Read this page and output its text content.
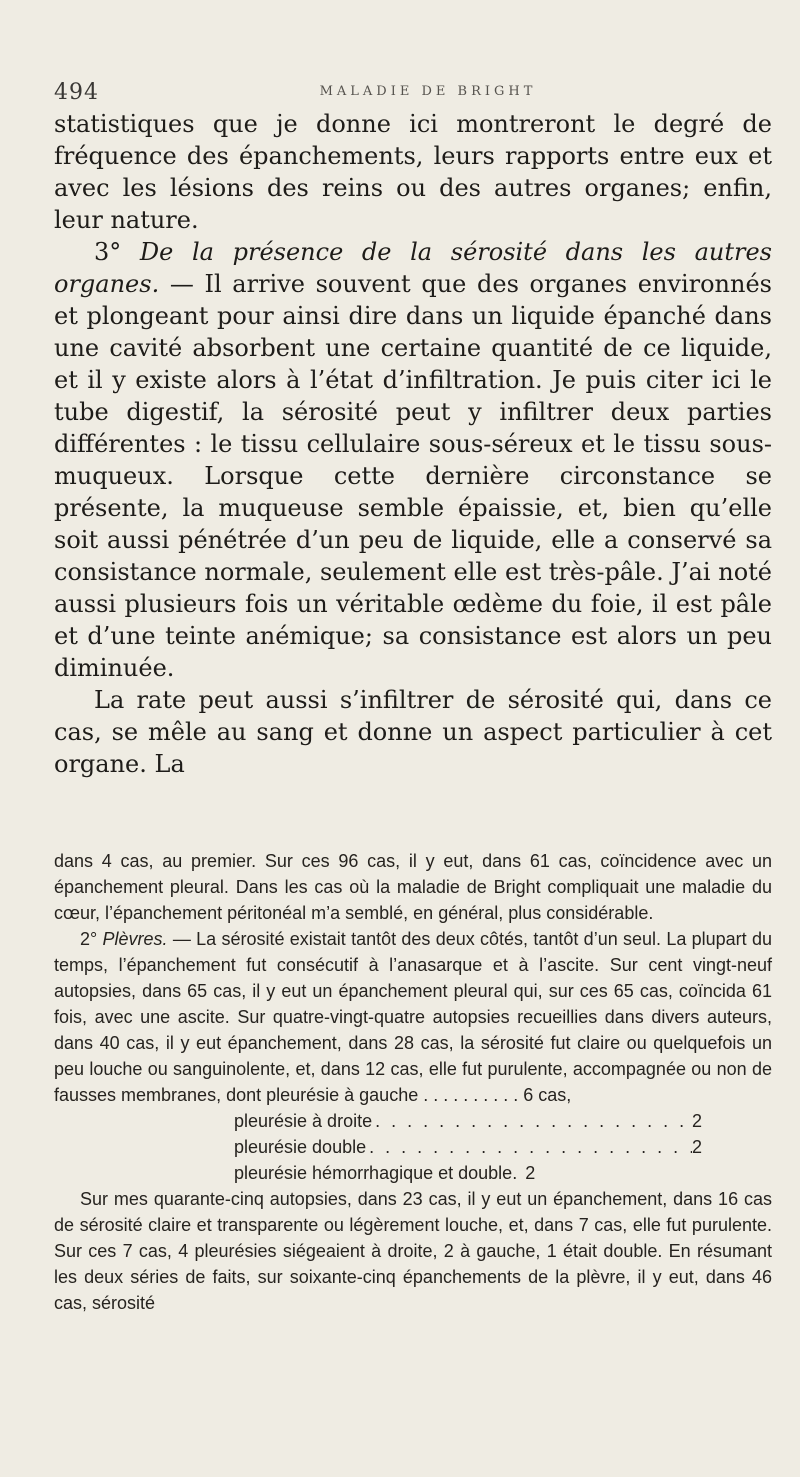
494	MALADIE DE BRIGHT

statistiques que je donne ici montreront le degré de fréquence des épanchements, leurs rapports entre eux et avec les lésions des reins ou des autres organes; enfin, leur nature.

3° De la présence de la sérosité dans les autres organes. — Il arrive souvent que des organes environnés et plongeant pour ainsi dire dans un liquide épanché dans une cavité absorbent une certaine quantité de ce liquide, et il y existe alors à l’état d’infiltration. Je puis citer ici le tube digestif, la sérosité peut y infiltrer deux parties différentes : le tissu cellulaire sous-séreux et le tissu sous-muqueux. Lorsque cette dernière circonstance se présente, la muqueuse semble épaissie, et, bien qu’elle soit aussi pénétrée d’un peu de liquide, elle a conservé sa consistance normale, seulement elle est très-pâle. J’ai noté aussi plusieurs fois un véritable œdème du foie, il est pâle et d’une teinte anémique; sa consistance est alors un peu diminuée.

La rate peut aussi s’infiltrer de sérosité qui, dans ce cas, se mêle au sang et donne un aspect particulier à cet organe. La

dans 4 cas, au premier. Sur ces 96 cas, il y eut, dans 61 cas, coïncidence avec un épanchement pleural. Dans les cas où la maladie de Bright compliquait une maladie du cœur, l’épanchement péritonéal m’a semblé, en général, plus considérable.

2° Plèvres. — La sérosité existait tantôt des deux côtés, tantôt d’un seul. La plupart du temps, l’épanchement fut consécutif à l’anasarque et à l’ascite. Sur cent vingt-neuf autopsies, dans 65 cas, il y eut un épanchement pleural qui, sur ces 65 cas, coïncida 61 fois, avec une ascite. Sur quatre-vingt-quatre autopsies recueillies dans divers auteurs, dans 40 cas, il y eut épanchement, dans 28 cas, la sérosité fut claire ou quelquefois un peu louche ou sanguinolente, et, dans 12 cas, elle fut purulente, accompagnée ou non de fausses membranes, dont pleurésie à gauche . . . . . . . . . . 6 cas,

pleurésie à droite . . .	2
pleurésie double . . .	2
pleurésie hémorrhagique et double. 2

Sur mes quarante-cinq autopsies, dans 23 cas, il y eut un épanchement, dans 16 cas de sérosité claire et transparente ou légèrement louche, et, dans 7 cas, elle fut purulente. Sur ces 7 cas, 4 pleurésies siégeaient à droite, 2 à gauche, 1 était double. En résumant les deux séries de faits, sur soixante-cinq épanchements de la plèvre, il y eut, dans 46 cas, sérosité
